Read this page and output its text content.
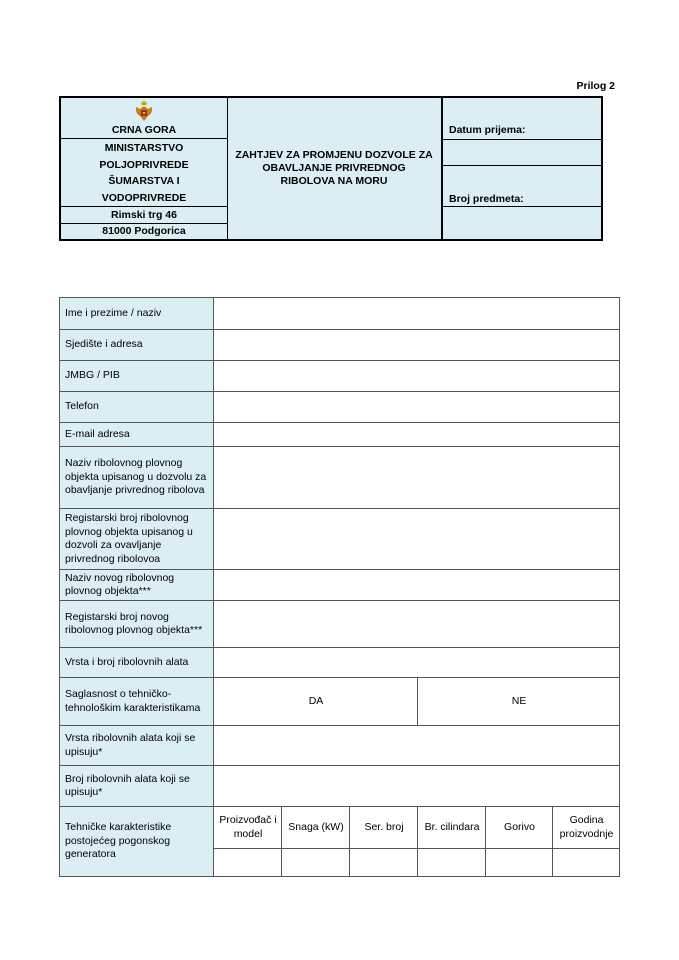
Prilog 2
CRNA GORA
MINISTARSTVO
POLJOPRIVREDE
ŠUMARSTVA I
VODOPRIVREDE
Rimski trg 46
81000 Podgorica
ZAHTJEV ZA PROMJENU DOZVOLE ZA OBAVLJANJE PRIVREDNOG RIBOLOVA NA MORU
Datum prijema:
Broj predmeta:
Ime i prezime / naziv						
Sjedište i adresa						
JMBG / PIB						
Telefon						
E-mail adresa						
Naziv ribolovnog plovnog objekta upisanog u dozvolu za obavljanje privrednog ribolova						
Registarski broj ribolovnog plovnog objekta upisanog u dozvoli za ovavljanje privrednog ribolovoa						
Naziv novog ribolovnog plovnog objekta***						
Registarski broj novog ribolovnog plovnog objekta***						
Vrsta i broj ribolovnih alata						
Saglasnost o tehničko-tehnološkim karakteristikama	DA			NE		
Vrsta ribolovnih alata koji se upisuju*						
Broj ribolovnih alata koji se upisuju*						
Tehničke karakteristike postojećeg pogonskog generatora	Proizvođač i model	Snaga (kW)	Ser. broj	Br. cilindara	Gorivo	Godina proizvodnje
